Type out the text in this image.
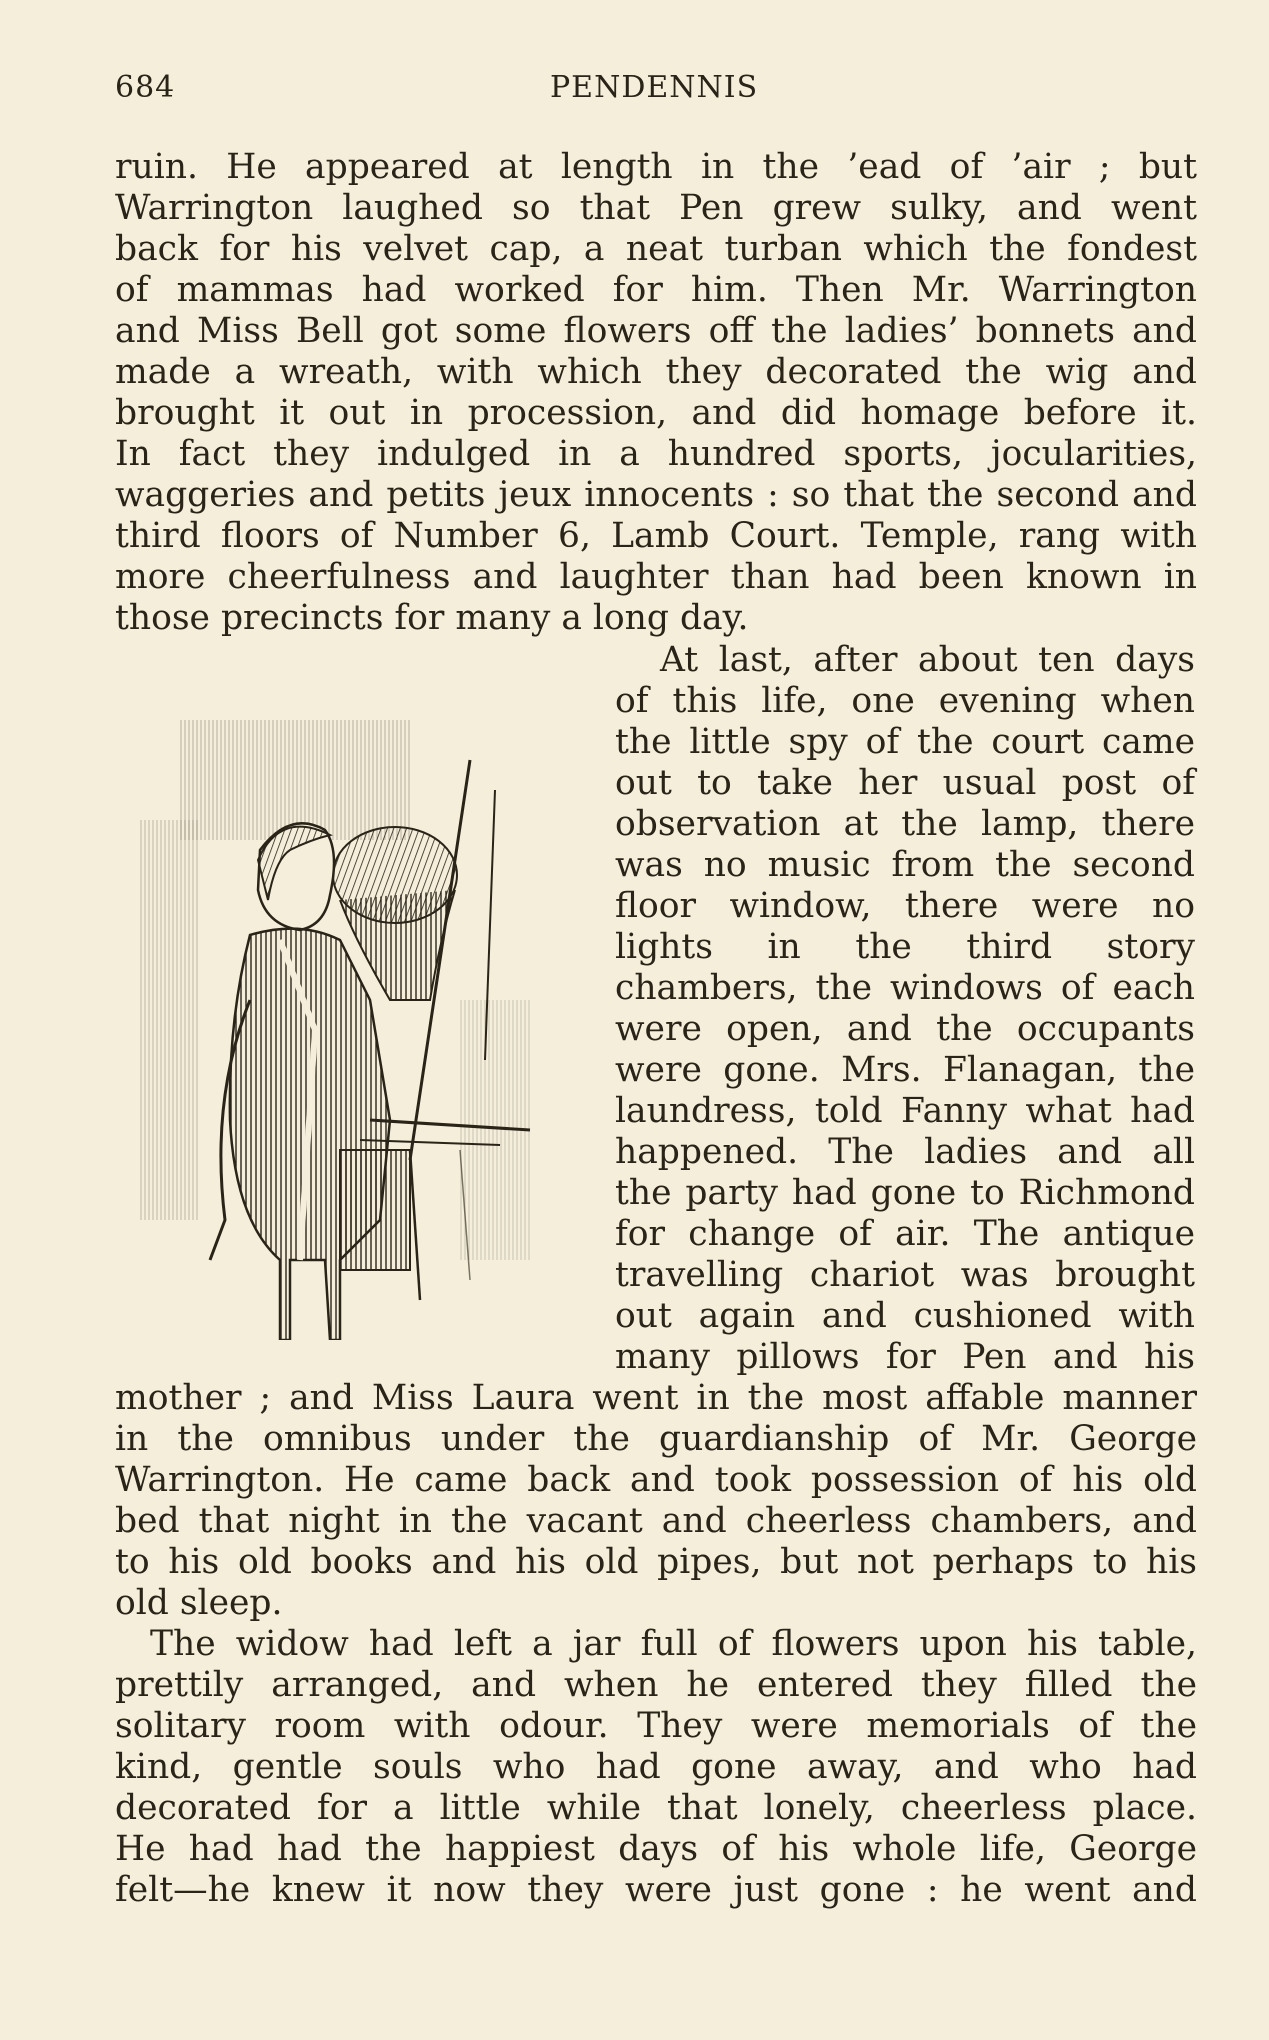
684	PENDENNIS
ruin. He appeared at length in the ’ead of ’air ; but
Warrington laughed so that Pen grew sulky, and went
back for his velvet cap, a neat turban which the fondest
of mammas had worked for him. Then Mr. Warrington
and Miss Bell got some flowers off the ladies’ bonnets and
made a wreath, with which they decorated the wig and
brought it out in procession, and did homage before it.
In fact they indulged in a hundred sports, jocularities,
waggeries and petits jeux innocents : so that the second and
third floors of Number 6, Lamb Court. Temple, rang with
more cheerfulness and laughter than had been known in
those precincts for many a long day.
At last, after about ten days
of this life, one evening when
the little spy of the court came
out to take her usual post of
observation at the lamp, there
was no music from the second
floor window, there were no
lights in the third story
chambers, the windows of each
were open, and the occupants
were gone. Mrs. Flanagan, the
laundress, told Fanny what had
happened. The ladies and all
the party had gone to Richmond
for change of air. The antique
travelling chariot was brought
out again and cushioned with
many pillows for Pen and his
mother ; and Miss Laura went in the most affable manner
in the omnibus under the guardianship of Mr. George
Warrington. He came back and took possession of his old
bed that night in the vacant and cheerless chambers, and
to his old books and his old pipes, but not perhaps to his
old sleep.
The widow had left a jar full of flowers upon his table,
prettily arranged, and when he entered they filled the
solitary room with odour. They were memorials of the
kind, gentle souls who had gone away, and who had
decorated for a little while that lonely, cheerless place.
He had had the happiest days of his whole life, George
felt—he knew it now they were just gone : he went and
